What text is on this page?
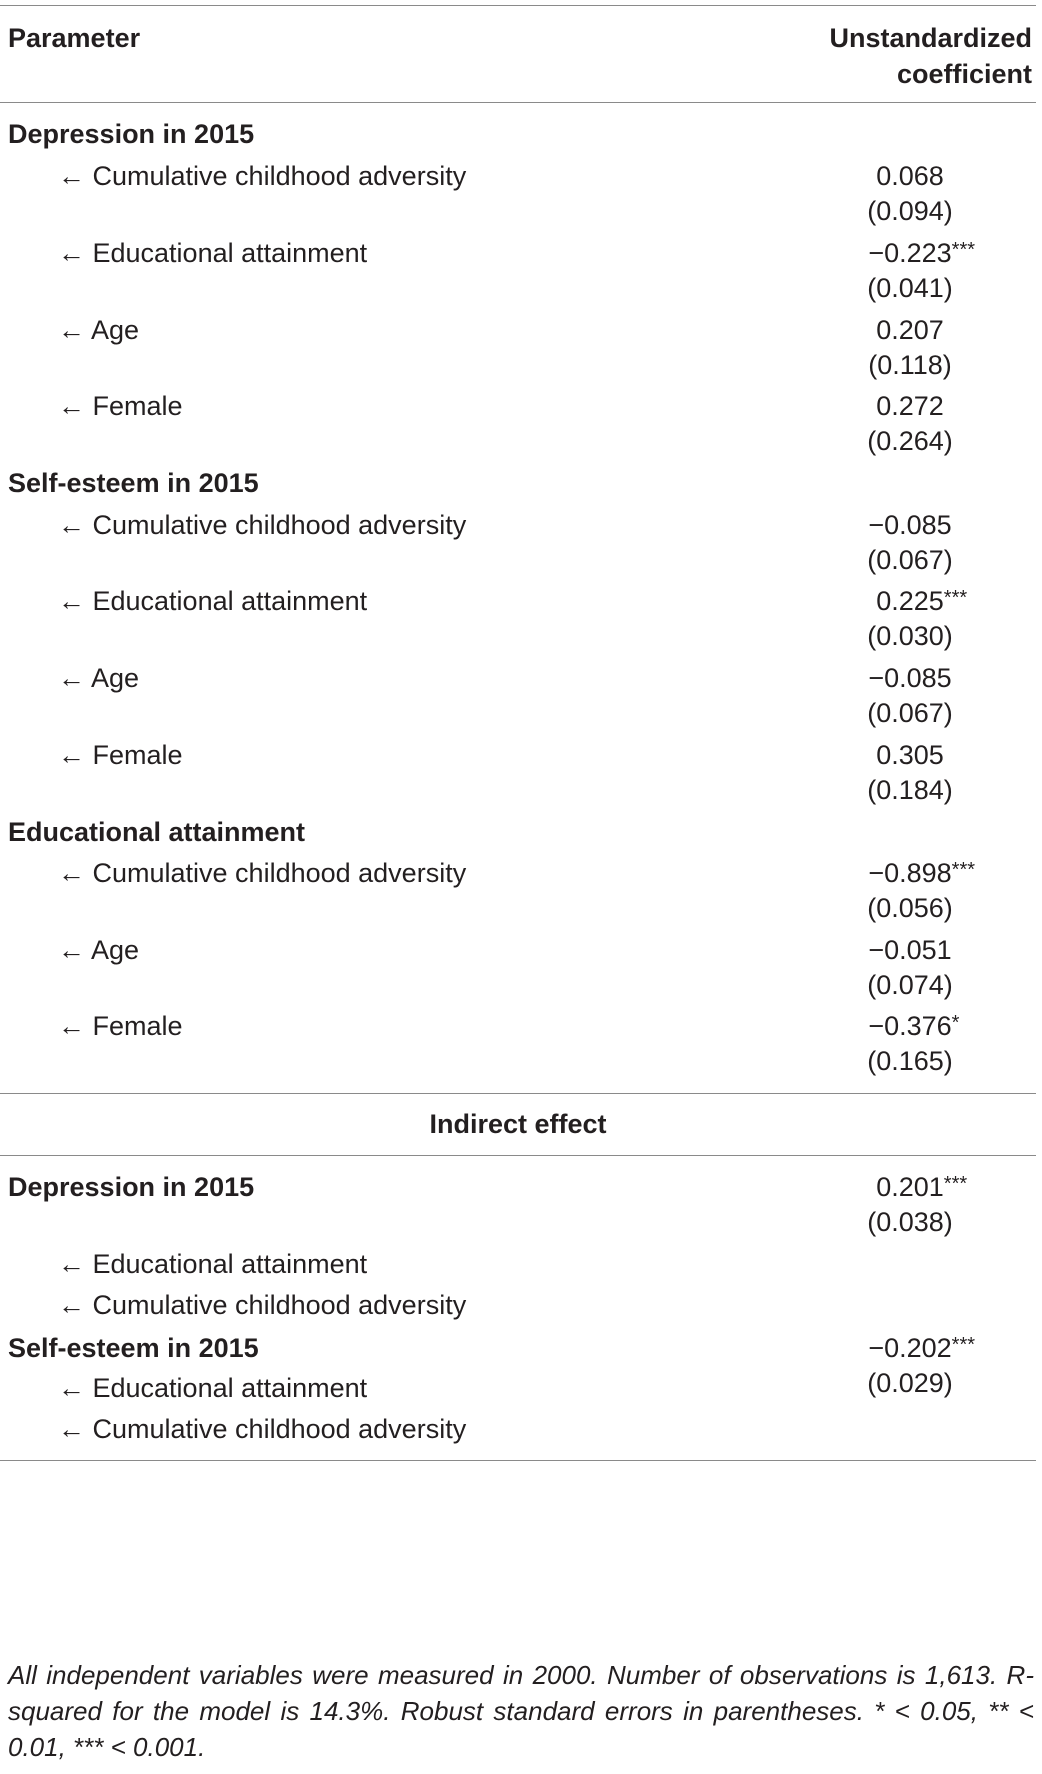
Parameter	Unstandardized
coefficient
Depression in 2015
← Cumulative childhood adversity	0.068
(0.094)
← Educational attainment	−0.223 ***
(0.041)
← Age	0.207
(0.118)
← Female	0.272
(0.264)
Self-esteem in 2015
← Cumulative childhood adversity	−0.085
(0.067)
← Educational attainment	0.225 ***
(0.030)
← Age	−0.085
(0.067)
← Female	0.305
(0.184)
Educational attainment
← Cumulative childhood adversity	−0.898 ***
(0.056)
← Age	−0.051
(0.074)
← Female	−0.376 *
(0.165)
Indirect effect
Depression in 2015	0.201 ***
(0.038)
← Educational attainment
← Cumulative childhood adversity
Self-esteem in 2015	−0.202 ***
(0.029)
← Educational attainment
← Cumulative childhood adversity
All independent variables were measured in 2000. Number of observations is 1,613. R-squared for the model is 14.3%. Robust standard errors in parentheses. * < 0.05, ** < 0.01, *** < 0.001.
